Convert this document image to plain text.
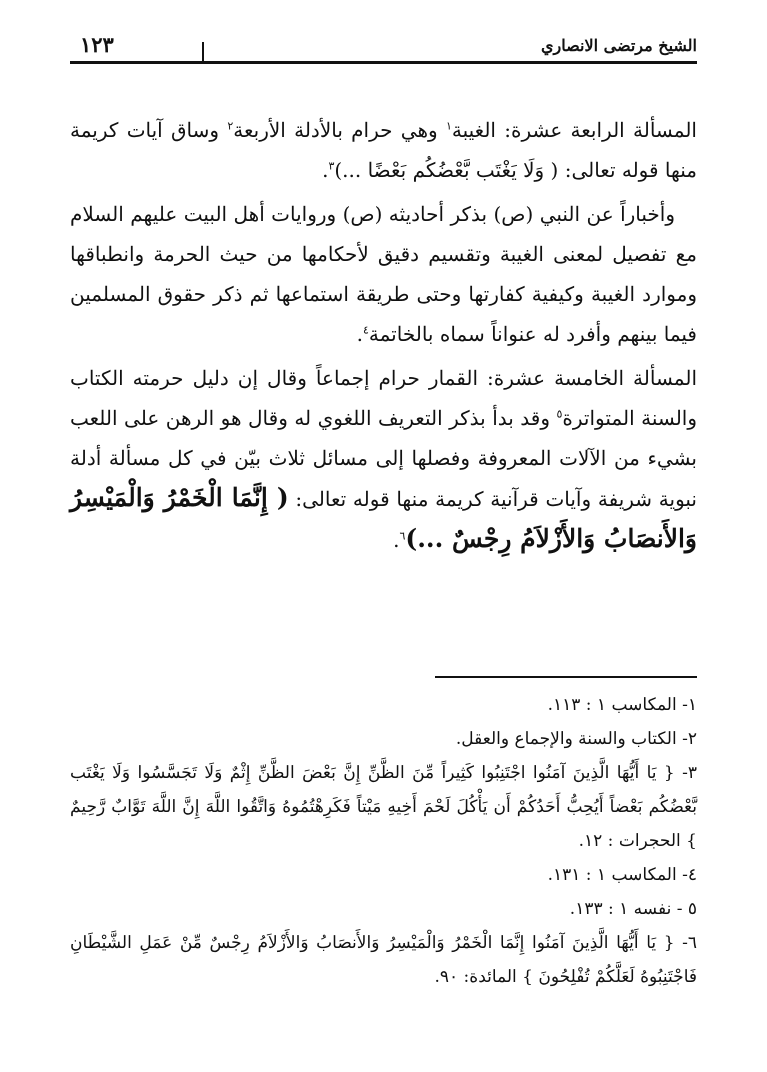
الشيخ مرتضى الانصاري
١٢٣

المسألة الرابعة عشرة: الغيبة$^١$ وهي حرام بالأدلة الأربعة$^٢$ وساق آيات كريمة منها قوله تعالى: ( وَلَا يَغْتَب بَّعْضُكُم بَعْضًا ...)$^٣$.

وأخباراً عن النبي (ص) بذكر أحاديثه (ص) وروايات أهل البيت عليهم السلام مع تفصيل لمعنى الغيبة وتقسيم دقيق لأحكامها من حيث الحرمة وانطباقها وموارد الغيبة وكيفية كفارتها وحتى طريقة استماعها ثم ذكر حقوق المسلمين فيما بينهم وأفرد له عنواناً سماه بالخاتمة$^٤$.

المسألة الخامسة عشرة: القمار حرام إجماعاً وقال إن دليل حرمته الكتاب والسنة المتواترة$^٥$ وقد بدأ بذكر التعريف اللغوي له وقال هو الرهن على اللعب بشيء من الآلات المعروفة وفصلها إلى مسائل ثلاث بيّن في كل مسألة أدلة نبوية شريفة وآيات قرآنية كريمة منها قوله تعالى: ( إِنَّمَا الْخَمْرُ وَالْمَيْسِرُ وَالأَنصَابُ وَالأَزْلاَمُ رِجْسٌ ...)$^٦$.

١- المكاسب ١ : ١١٣.

٢- الكتاب والسنة والإجماع والعقل.

٣- { يَا أَيُّهَا الَّذِينَ آمَنُوا اجْتَنِبُوا كَثِيراً مِّنَ الظَّنِّ إِنَّ بَعْضَ الظَّنِّ إِثْمٌ وَلَا تَجَسَّسُوا وَلَا يَغْتَب بَّعْضُكُم بَعْضاً أَيُحِبُّ أَحَدُكُمْ أَن يَأْكُلَ لَحْمَ أَخِيهِ مَيْتاً فَكَرِهْتُمُوهُ وَاتَّقُوا اللَّهَ إِنَّ اللَّهَ تَوَّابٌ رَّحِيمٌ } الحجرات : ١٢.

٤- المكاسب ١ : ١٣١.

٥ - نفسه ١ : ١٣٣.

٦- { يَا أَيُّهَا الَّذِينَ آمَنُوا إِنَّمَا الْخَمْرُ وَالْمَيْسِرُ وَالأَنصَابُ وَالأَزْلاَمُ رِجْسٌ مِّنْ عَمَلِ الشَّيْطَانِ فَاجْتَنِبُوهُ لَعَلَّكُمْ تُفْلِحُونَ } المائدة: ٩٠.
